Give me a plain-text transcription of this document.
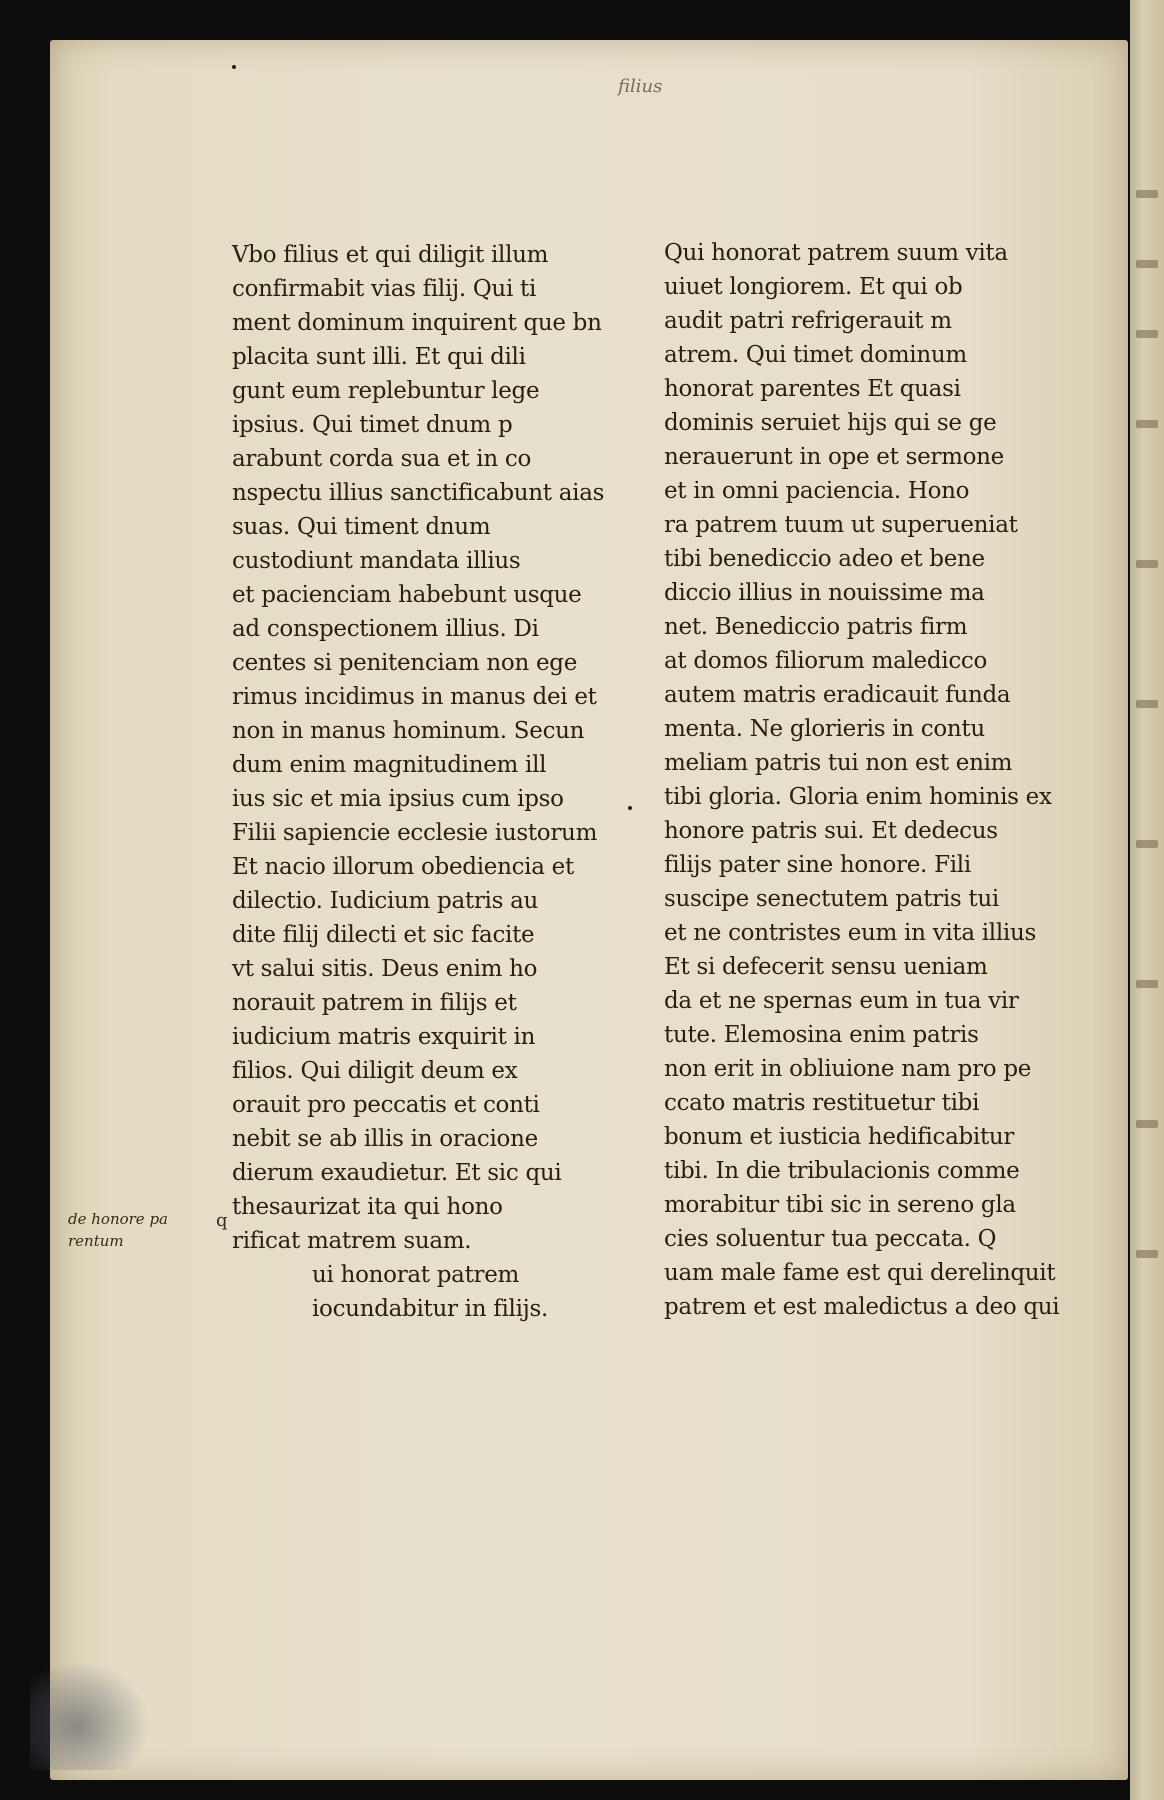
filius
Vbo filius et qui diligit illum
confirmabit vias filij. Qui ti
ment dominum inquirent que bn
placita sunt illi. Et qui dili
gunt eum replebuntur lege
ipsius. Qui timet dnum p
arabunt corda sua et in co
nspectu illius sanctificabunt aias
suas. Qui timent dnum
custodiunt mandata illius
et pacienciam habebunt usque
ad conspectionem illius. Di
centes si penitenciam non ege
rimus incidimus in manus dei et
non in manus hominum. Secun
dum enim magnitudinem ill
ius sic et mia ipsius cum ipso
Filii sapiencie ecclesie iustorum
Et nacio illorum obediencia et
dilectio. Iudicium patris au
dite filij dilecti et sic facite
vt salui sitis. Deus enim ho
norauit patrem in filijs et
iudicium matris exquirit in
filios. Qui diligit deum ex
orauit pro peccatis et conti
nebit se ab illis in oracione
dierum exaudietur. Et sic qui
thesaurizat ita qui hono
rificat matrem suam.
ui honorat patrem
iocundabitur in filijs.
Qui honorat patrem suum vita
uiuet longiorem. Et qui ob
audit patri refrigerauit m
atrem. Qui timet dominum
honorat parentes Et quasi
dominis seruiet hijs qui se ge
nerauerunt in ope et sermone
et in omni paciencia. Hono
ra patrem tuum ut superueniat
tibi benediccio adeo et bene
diccio illius in nouissime ma
net. Benediccio patris firm
at domos filiorum maledicco
autem matris eradicauit funda
menta. Ne glorieris in contu
meliam patris tui non est enim
tibi gloria. Gloria enim hominis ex
honore patris sui. Et dedecus
filijs pater sine honore. Fili
suscipe senectutem patris tui
et ne contristes eum in vita illius
Et si defecerit sensu ueniam
da et ne spernas eum in tua vir
tute. Elemosina enim patris
non erit in obliuione nam pro pe
ccato matris restituetur tibi
bonum et iusticia hedificabitur
tibi. In die tribulacionis comme
morabitur tibi sic in sereno gla
cies soluentur tua peccata. Q
uam male fame est qui derelinquit
patrem et est maledictus a deo qui
de honore pa
rentum
q
